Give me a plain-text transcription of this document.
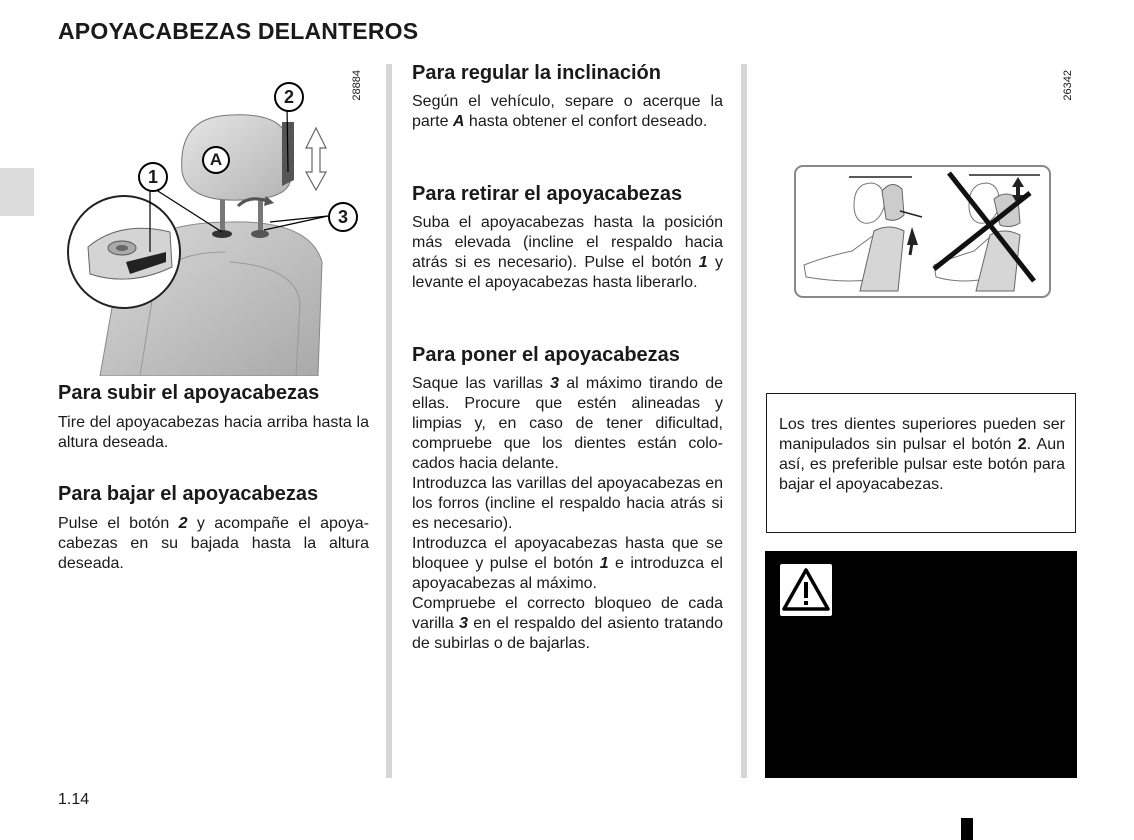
APOYACABEZAS DELANTEROS
1
2
3
A
28884
Para subir el apoyacabezas

Tire del apoyacabezas hacia arriba hasta la altura deseada.

Para bajar el apoyacabezas

Pulse el botón 2 y acompañe el apoyacabezas en su bajada hasta la altura deseada.

Para regular la inclinación

Según el vehículo, separe o acerque la parte A hasta obtener el confort deseado.

Para retirar el apoyacabezas

Suba el apoyacabezas hasta la posición más elevada (incline el respaldo hacia atrás si es necesario). Pulse el botón 1 y levante el apoyacabezas hasta liberarlo.

Para poner el apoyacabezas

Saque las varillas 3 al máximo tirando de ellas. Procure que estén alineadas y limpias y, en caso de tener dificultad, compruebe que los dientes están colocados hacia delante.

Introduzca las varillas del apoyacabezas en los forros (incline el respaldo hacia atrás si es necesario).

Introduzca el apoyacabezas hasta que se bloquee y pulse el botón 1 e introduzca el apoyacabezas al máximo.

Compruebe el correcto bloqueo de cada varilla 3 en el respaldo del asiento tratando de subirlas o de bajarlas.

26342

Los tres dientes superiores pueden ser manipulados sin pulsar el botón 2. Aun así, es preferible pulsar este botón para bajar el apoyacabezas.

1.14
